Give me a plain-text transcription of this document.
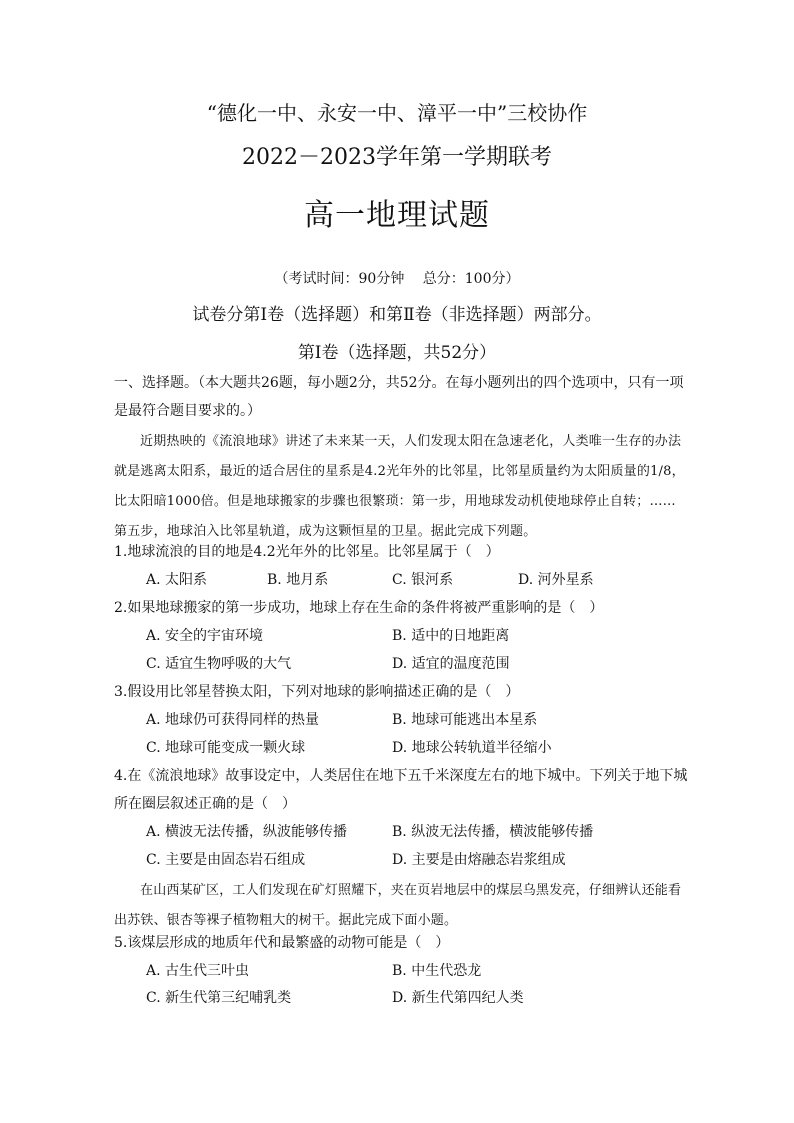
“德化一中、永安一中、漳平一中”三校协作
2022－2023学年第一学期联考
高一地理试题
（考试时间：90分钟　 总分：100分）
试卷分第Ⅰ卷（选择题）和第Ⅱ卷（非选择题）两部分。
第Ⅰ卷（选择题，共52分）
一、选择题。（本大题共26题，每小题2分，共52分。在每小题列出的四个选项中，只有一项是最符合题目要求的。）
近期热映的《流浪地球》讲述了未来某一天，人们发现太阳在急速老化，人类唯一生存的办法就是逃离太阳系，最近的适合居住的星系是4.2光年外的比邻星，比邻星质量约为太阳质量的1/8，比太阳暗1000倍。但是地球搬家的步骤也很繁琐：第一步，用地球发动机使地球停止自转；……第五步，地球泊入比邻星轨道，成为这颗恒星的卫星。据此完成下列题。
1.地球流浪的目的地是4.2光年外的比邻星。比邻星属于（　）
A. 太阳系	B. 地月系	C. 银河系	D. 河外星系
2.如果地球搬家的第一步成功，地球上存在生命的条件将被严重影响的是（　）
A. 安全的宇宙环境	B. 适中的日地距离
C. 适宜生物呼吸的大气	D. 适宜的温度范围
3.假设用比邻星替换太阳，下列对地球的影响描述正确的是（　）
A. 地球仍可获得同样的热量	B. 地球可能逃出本星系
C. 地球可能变成一颗火球	D. 地球公转轨道半径缩小
4.在《流浪地球》故事设定中，人类居住在地下五千米深度左右的地下城中。下列关于地下城所在圈层叙述正确的是（　）
A. 横波无法传播，纵波能够传播	B. 纵波无法传播，横波能够传播
C. 主要是由固态岩石组成	D. 主要是由熔融态岩浆组成
在山西某矿区，工人们发现在矿灯照耀下，夹在页岩地层中的煤层乌黑发亮，仔细辨认还能看出苏铁、银杏等裸子植物粗大的树干。据此完成下面小题。
5.该煤层形成的地质年代和最繁盛的动物可能是（　）
A. 古生代三叶虫	B. 中生代恐龙
C. 新生代第三纪哺乳类	D. 新生代第四纪人类
